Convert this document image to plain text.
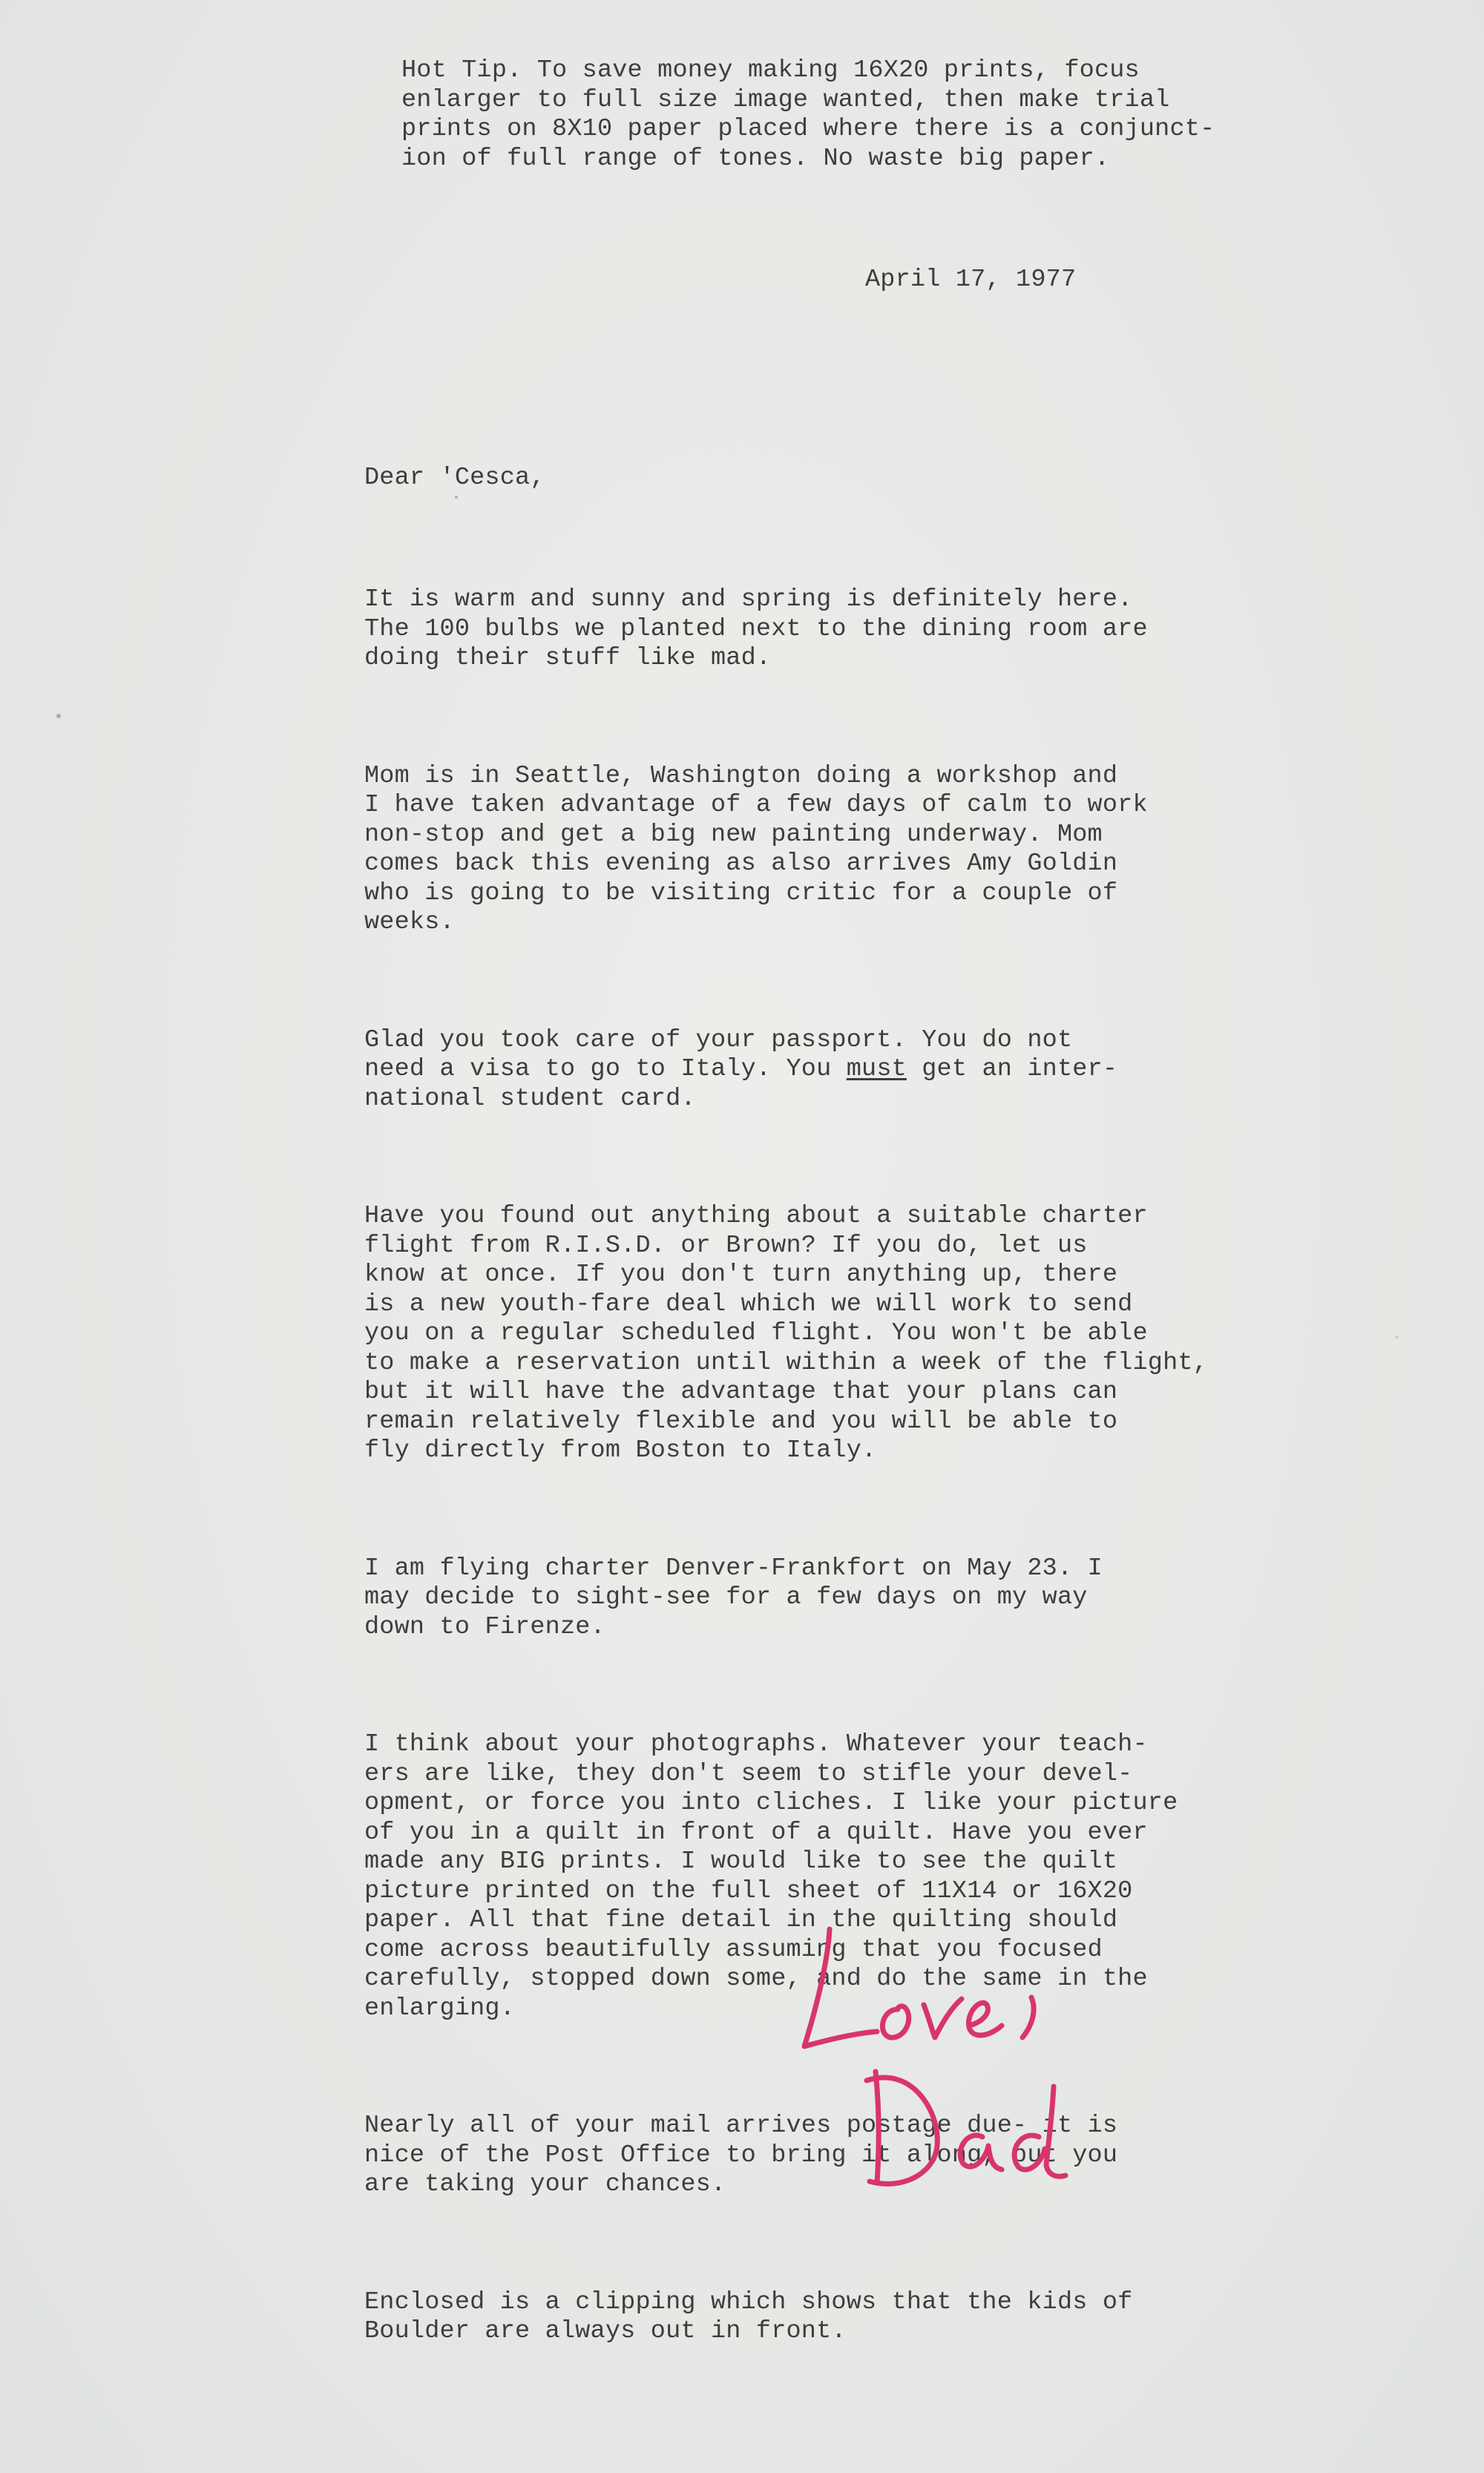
Hot Tip. To save money making 16X20 prints, focus
enlarger to full size image wanted, then make trial
prints on 8X10 paper placed where there is a conjunct-
ion of full range of tones. No waste big paper.
April 17, 1977
Dear 'Cesca,

It is warm and sunny and spring is definitely here.
The 100 bulbs we planted next to the dining room are
doing their stuff like mad.

Mom is in Seattle, Washington doing a workshop and
I have taken advantage of a few days of calm to work
non-stop and get a big new painting underway. Mom
comes back this evening as also arrives Amy Goldin
who is going to be visiting critic for a couple of
weeks.

Glad you took care of your passport. You do not
need a visa to go to Italy. You must get an inter-
national student card.

Have you found out anything about a suitable charter
flight from R.I.S.D. or Brown? If you do, let us
know at once. If you don't turn anything up, there
is a new youth-fare deal which we will work to send
you on a regular scheduled flight. You won't be able
to make a reservation until within a week of the flight,
but it will have the advantage that your plans can
remain relatively flexible and you will be able to
fly directly from Boston to Italy.

I am flying charter Denver-Frankfort on May 23. I
may decide to sight-see for a few days on my way
down to Firenze.

I think about your photographs. Whatever your teach-
ers are like, they don't seem to stifle your devel-
opment, or force you into cliches. I like your picture
of you in a quilt in front of a quilt. Have you ever
made any BIG prints. I would like to see the quilt
picture printed on the full sheet of 11X14 or 16X20
paper. All that fine detail in the quilting should
come across beautifully assuming that you focused
carefully, stopped down some, and do the same in the
enlarging.

Nearly all of your mail arrives postage due- it is
nice of the Post Office to bring it along, but you
are taking your chances.

Enclosed is a clipping which shows that the kids of
Boulder are always out in front.
